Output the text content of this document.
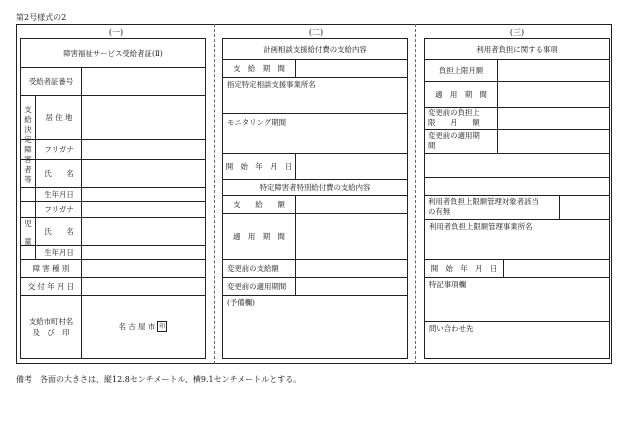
第2号様式の2
(一)	(二)	(三)
障害福祉サービス受給者証(Ⅱ)
受給者証番号
居 住 地
フリガナ
氏　　名
生年月日
フリガナ
氏　　名
生年月日
障 害 種 別
交 付 年 月 日
支給市町村名
及　び　印
名 古 屋 市 印
支給決定障害者等
児童
計画相談支援給付費の支給内容
支　給　期　間
指定特定相談支援事業所名
モニタリング期間
開　始　年　月　日
特定障害者特別給付費の支給内容
支　　給　　額
適　用　期　間
変更前の支給額
変更前の適用期間
(予備欄)
利用者負担に関する事項
負担上限月額
適　用　期　間
変更前の負担上
限　　月　　額
変更前の適用期
間
利用者負担上限額管理対象者該当
の有無
利用者負担上限額管理事業所名
開　始　年　月　日
特記事項欄
問い合わせ先
備考　各面の大きさは、縦12.8センチメートル、横9.1センチメートルとする。
